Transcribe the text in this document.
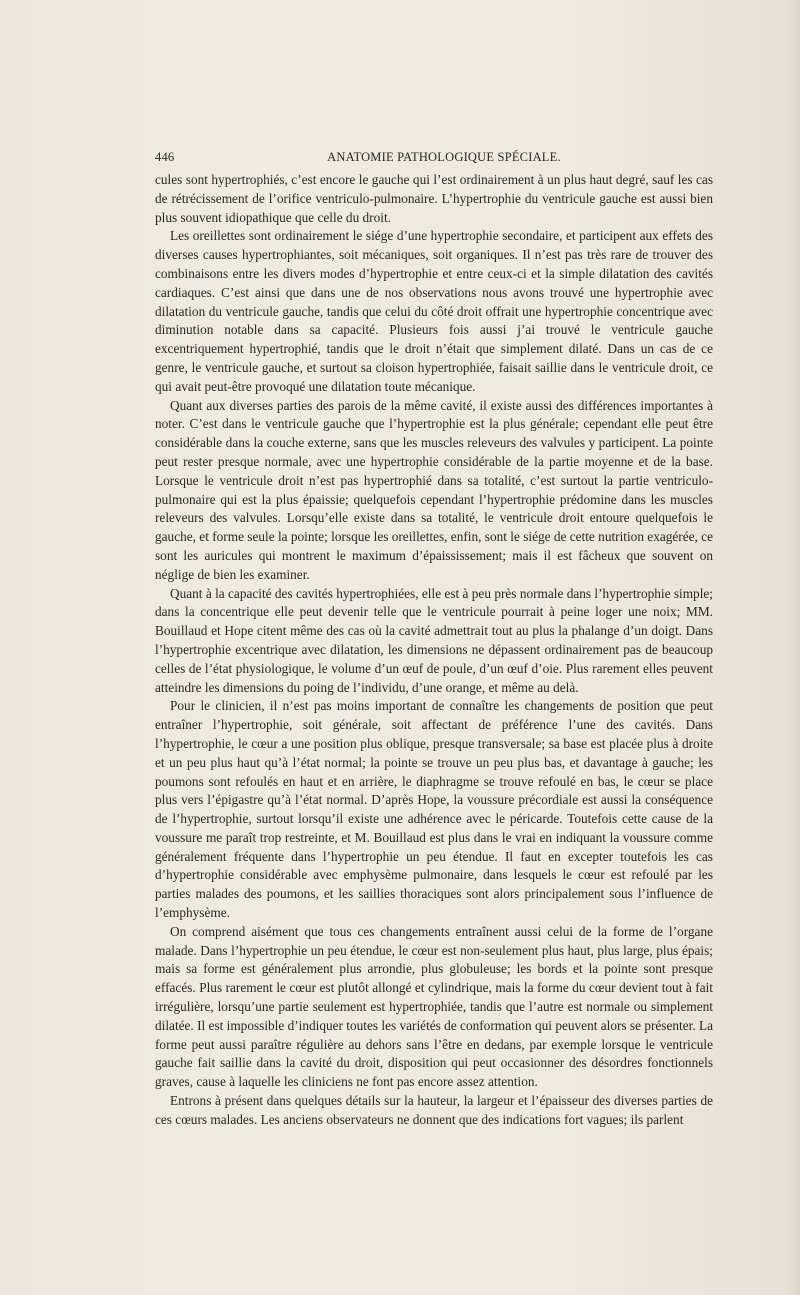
446	ANATOMIE PATHOLOGIQUE SPÉCIALE.

cules sont hypertrophiés, c’est encore le gauche qui l’est ordinairement à un plus haut degré, sauf les cas de rétrécissement de l’orifice ventriculo-pulmonaire. L’hypertrophie du ventricule gauche est aussi bien plus souvent idiopathique que celle du droit.

Les oreillettes sont ordinairement le siége d’une hypertrophie secondaire, et participent aux effets des diverses causes hypertrophiantes, soit mécaniques, soit organiques. Il n’est pas très rare de trouver des combinaisons entre les divers modes d’hypertrophie et entre ceux-ci et la simple dilatation des cavités cardiaques. C’est ainsi que dans une de nos observations nous avons trouvé une hypertrophie avec dilatation du ventricule gauche, tandis que celui du côté droit offrait une hypertrophie concentrique avec diminution notable dans sa capacité. Plusieurs fois aussi j’ai trouvé le ventricule gauche excentriquement hypertrophié, tandis que le droit n’était que simplement dilaté. Dans un cas de ce genre, le ventricule gauche, et surtout sa cloison hypertrophiée, faisait saillie dans le ventricule droit, ce qui avait peut-être provoqué une dilatation toute mécanique.

Quant aux diverses parties des parois de la même cavité, il existe aussi des différences importantes à noter. C’est dans le ventricule gauche que l’hypertrophie est la plus générale; cependant elle peut être considérable dans la couche externe, sans que les muscles releveurs des valvules y participent. La pointe peut rester presque normale, avec une hypertrophie considérable de la partie moyenne et de la base. Lorsque le ventricule droit n’est pas hypertrophié dans sa totalité, c’est surtout la partie ventriculo-pulmonaire qui est la plus épaissie; quelquefois cependant l’hypertrophie prédomine dans les muscles releveurs des valvules. Lorsqu’elle existe dans sa totalité, le ventricule droit entoure quelquefois le gauche, et forme seule la pointe; lorsque les oreillettes, enfin, sont le siége de cette nutrition exagérée, ce sont les auricules qui montrent le maximum d’épaississement; mais il est fâcheux que souvent on néglige de bien les examiner.

Quant à la capacité des cavités hypertrophiées, elle est à peu près normale dans l’hypertrophie simple; dans la concentrique elle peut devenir telle que le ventricule pourrait à peine loger une noix; MM. Bouillaud et Hope citent même des cas où la cavité admettrait tout au plus la phalange d’un doigt. Dans l’hypertrophie excentrique avec dilatation, les dimensions ne dépassent ordinairement pas de beaucoup celles de l’état physiologique, le volume d’un œuf de poule, d’un œuf d’oie. Plus rarement elles peuvent atteindre les dimensions du poing de l’individu, d’une orange, et même au delà.

Pour le clinicien, il n’est pas moins important de connaître les changements de position que peut entraîner l’hypertrophie, soit générale, soit affectant de préférence l’une des cavités. Dans l’hypertrophie, le cœur a une position plus oblique, presque transversale; sa base est placée plus à droite et un peu plus haut qu’à l’état normal; la pointe se trouve un peu plus bas, et davantage à gauche; les poumons sont refoulés en haut et en arrière, le diaphragme se trouve refoulé en bas, le cœur se place plus vers l’épigastre qu’à l’état normal. D’après Hope, la voussure précordiale est aussi la conséquence de l’hypertrophie, surtout lorsqu’il existe une adhérence avec le péricarde. Toutefois cette cause de la voussure me paraît trop restreinte, et M. Bouillaud est plus dans le vrai en indiquant la voussure comme généralement fréquente dans l’hypertrophie un peu étendue. Il faut en excepter toutefois les cas d’hypertrophie considérable avec emphysème pulmonaire, dans lesquels le cœur est refoulé par les parties malades des poumons, et les saillies thoraciques sont alors principalement sous l’influence de l’emphysème.

On comprend aisément que tous ces changements entraînent aussi celui de la forme de l’organe malade. Dans l’hypertrophie un peu étendue, le cœur est non-seulement plus haut, plus large, plus épais; mais sa forme est généralement plus arrondie, plus globuleuse; les bords et la pointe sont presque effacés. Plus rarement le cœur est plutôt allongé et cylindrique, mais la forme du cœur devient tout à fait irrégulière, lorsqu’une partie seulement est hypertrophiée, tandis que l’autre est normale ou simplement dilatée. Il est impossible d’indiquer toutes les variétés de conformation qui peuvent alors se présenter. La forme peut aussi paraître régulière au dehors sans l’être en dedans, par exemple lorsque le ventricule gauche fait saillie dans la cavité du droit, disposition qui peut occasionner des désordres fonctionnels graves, cause à laquelle les cliniciens ne font pas encore assez attention.

Entrons à présent dans quelques détails sur la hauteur, la largeur et l’épaisseur des diverses parties de ces cœurs malades. Les anciens observateurs ne donnent que des indications fort vagues; ils parlent
